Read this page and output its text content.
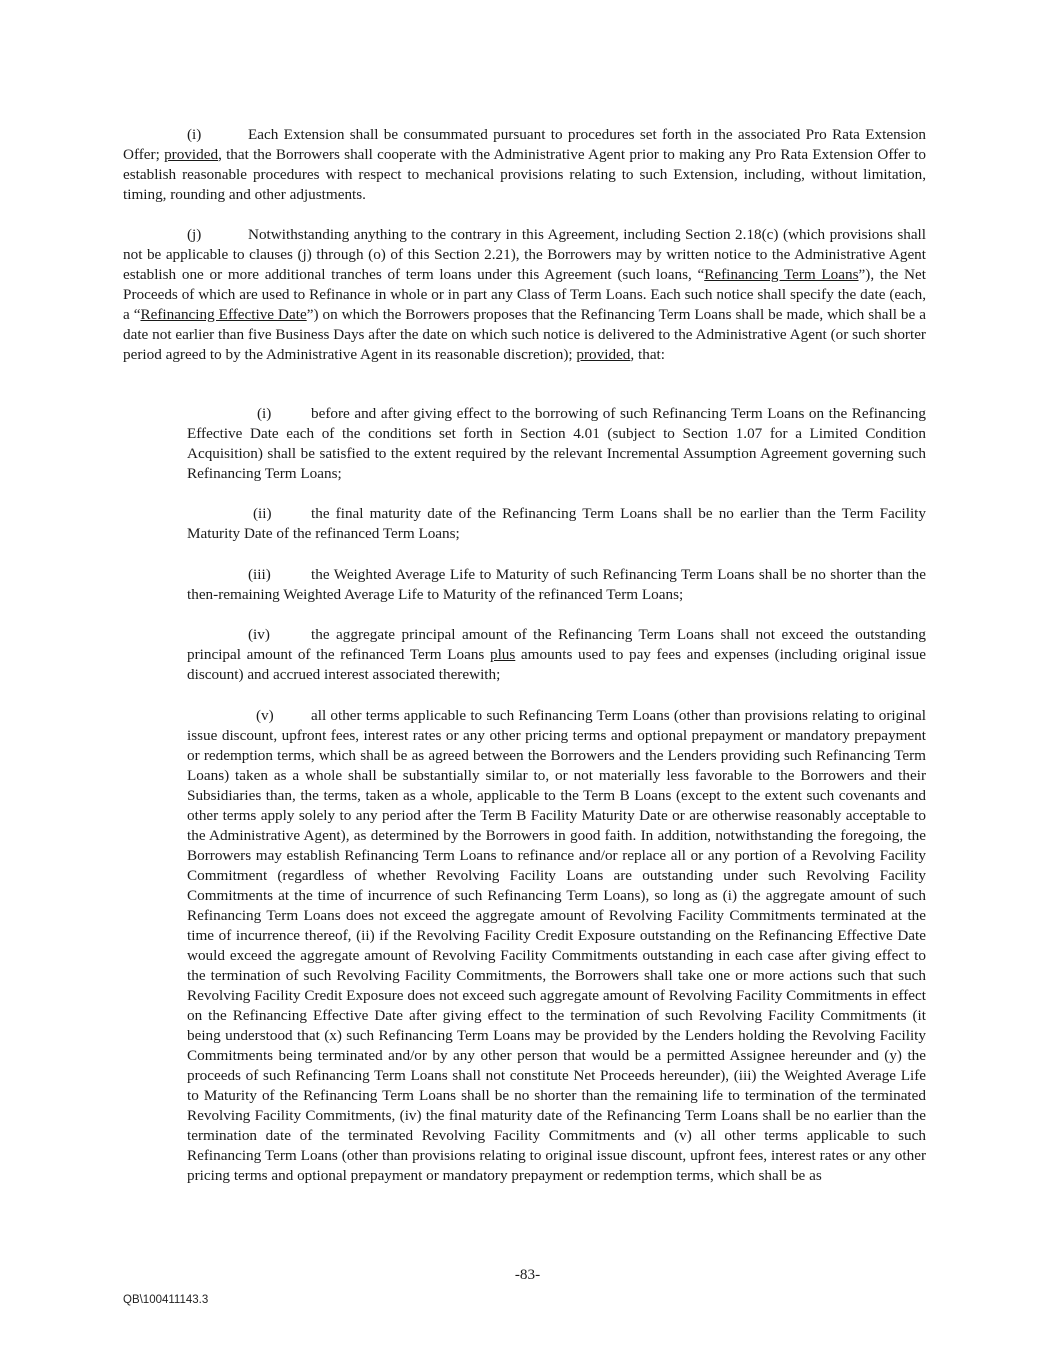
(i)	Each Extension shall be consummated pursuant to procedures set forth in the associated Pro Rata Extension Offer; provided, that the Borrowers shall cooperate with the Administrative Agent prior to making any Pro Rata Extension Offer to establish reasonable procedures with respect to mechanical provisions relating to such Extension, including, without limitation, timing, rounding and other adjustments.

(j)	Notwithstanding anything to the contrary in this Agreement, including Section 2.18(c) (which provisions shall not be applicable to clauses (j) through (o) of this Section 2.21), the Borrowers may by written notice to the Administrative Agent establish one or more additional tranches of term loans under this Agreement (such loans, “Refinancing Term Loans”), the Net Proceeds of which are used to Refinance in whole or in part any Class of Term Loans. Each such notice shall specify the date (each, a “Refinancing Effective Date”) on which the Borrowers proposes that the Refinancing Term Loans shall be made, which shall be a date not earlier than five Business Days after the date on which such notice is delivered to the Administrative Agent (or such shorter period agreed to by the Administrative Agent in its reasonable discretion); provided, that:

(i)	before and after giving effect to the borrowing of such Refinancing Term Loans on the Refinancing Effective Date each of the conditions set forth in Section 4.01 (subject to Section 1.07 for a Limited Condition Acquisition) shall be satisfied to the extent required by the relevant Incremental Assumption Agreement governing such Refinancing Term Loans;

(ii)	the final maturity date of the Refinancing Term Loans shall be no earlier than the Term Facility Maturity Date of the refinanced Term Loans;

(iii)	the Weighted Average Life to Maturity of such Refinancing Term Loans shall be no shorter than the then-remaining Weighted Average Life to Maturity of the refinanced Term Loans;

(iv)	the aggregate principal amount of the Refinancing Term Loans shall not exceed the outstanding principal amount of the refinanced Term Loans plus amounts used to pay fees and expenses (including original issue discount) and accrued interest associated therewith;

(v) all other terms applicable to such Refinancing Term Loans (other than provisions relating to original issue discount, upfront fees, interest rates or any other pricing terms and optional prepayment or mandatory prepayment or redemption terms, which shall be as agreed between the Borrowers and the Lenders providing such Refinancing Term Loans) taken as a whole shall be substantially similar to, or not materially less favorable to the Borrowers and their Subsidiaries than, the terms, taken as a whole, applicable to the Term B Loans (except to the extent such covenants and other terms apply solely to any period after the Term B Facility Maturity Date or are otherwise reasonably acceptable to the Administrative Agent), as determined by the Borrowers in good faith. In addition, notwithstanding the foregoing, the Borrowers may establish Refinancing Term Loans to refinance and/or replace all or any portion of a Revolving Facility Commitment (regardless of whether Revolving Facility Loans are outstanding under such Revolving Facility Commitments at the time of incurrence of such Refinancing Term Loans), so long as (i) the aggregate amount of such Refinancing Term Loans does not exceed the aggregate amount of Revolving Facility Commitments terminated at the time of incurrence thereof, (ii) if the Revolving Facility Credit Exposure outstanding on the Refinancing Effective Date would exceed the aggregate amount of Revolving Facility Commitments outstanding in each case after giving effect to the termination of such Revolving Facility Commitments, the Borrowers shall take one or more actions such that such Revolving Facility Credit Exposure does not exceed such aggregate amount of Revolving Facility Commitments in effect on the Refinancing Effective Date after giving effect to the termination of such Revolving Facility Commitments (it being understood that (x) such Refinancing Term Loans may be provided by the Lenders holding the Revolving Facility Commitments being terminated and/or by any other person that would be a permitted Assignee hereunder and (y) the proceeds of such Refinancing Term Loans shall not constitute Net Proceeds hereunder), (iii) the Weighted Average Life to Maturity of the Refinancing Term Loans shall be no shorter than the remaining life to termination of the terminated Revolving Facility Commitments, (iv) the final maturity date of the Refinancing Term Loans shall be no earlier than the termination date of the terminated Revolving Facility Commitments and (v) all other terms applicable to such Refinancing Term Loans (other than provisions relating to original issue discount, upfront fees, interest rates or any other pricing terms and optional prepayment or mandatory prepayment or redemption terms, which shall be as

-83-
QB\100411143.3
